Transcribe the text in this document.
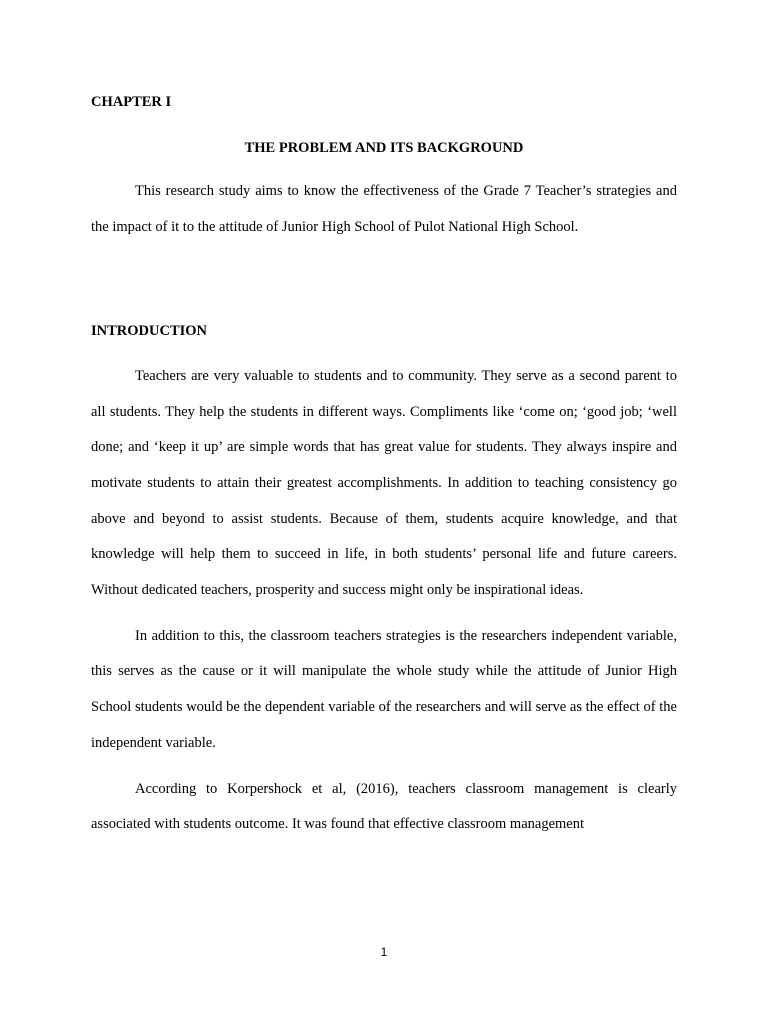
CHAPTER I

THE PROBLEM AND ITS BACKGROUND

This research study aims to know the effectiveness of the Grade 7 Teacher’s strategies and the impact of it to the attitude of Junior High School of Pulot National High School.

INTRODUCTION

Teachers are very valuable to students and to community. They serve as a second parent to all students. They help the students in different ways. Compliments like ‘come on; ‘good job; ‘well done; and ‘keep it up’ are simple words that has great value for students. They always inspire and motivate students to attain their greatest accomplishments. In addition to teaching consistency go above and beyond to assist students. Because of them, students acquire knowledge, and that knowledge will help them to succeed in life, in both students’ personal life and future careers. Without dedicated teachers, prosperity and success might only be inspirational ideas.

In addition to this, the classroom teachers strategies is the researchers independent variable, this serves as the cause or it will manipulate the whole study while the attitude of Junior High School students would be the dependent variable of the researchers and will serve as the effect of the independent variable.

According to Korpershock et al, (2016), teachers classroom management is clearly associated with students outcome. It was found that effective classroom management

1
